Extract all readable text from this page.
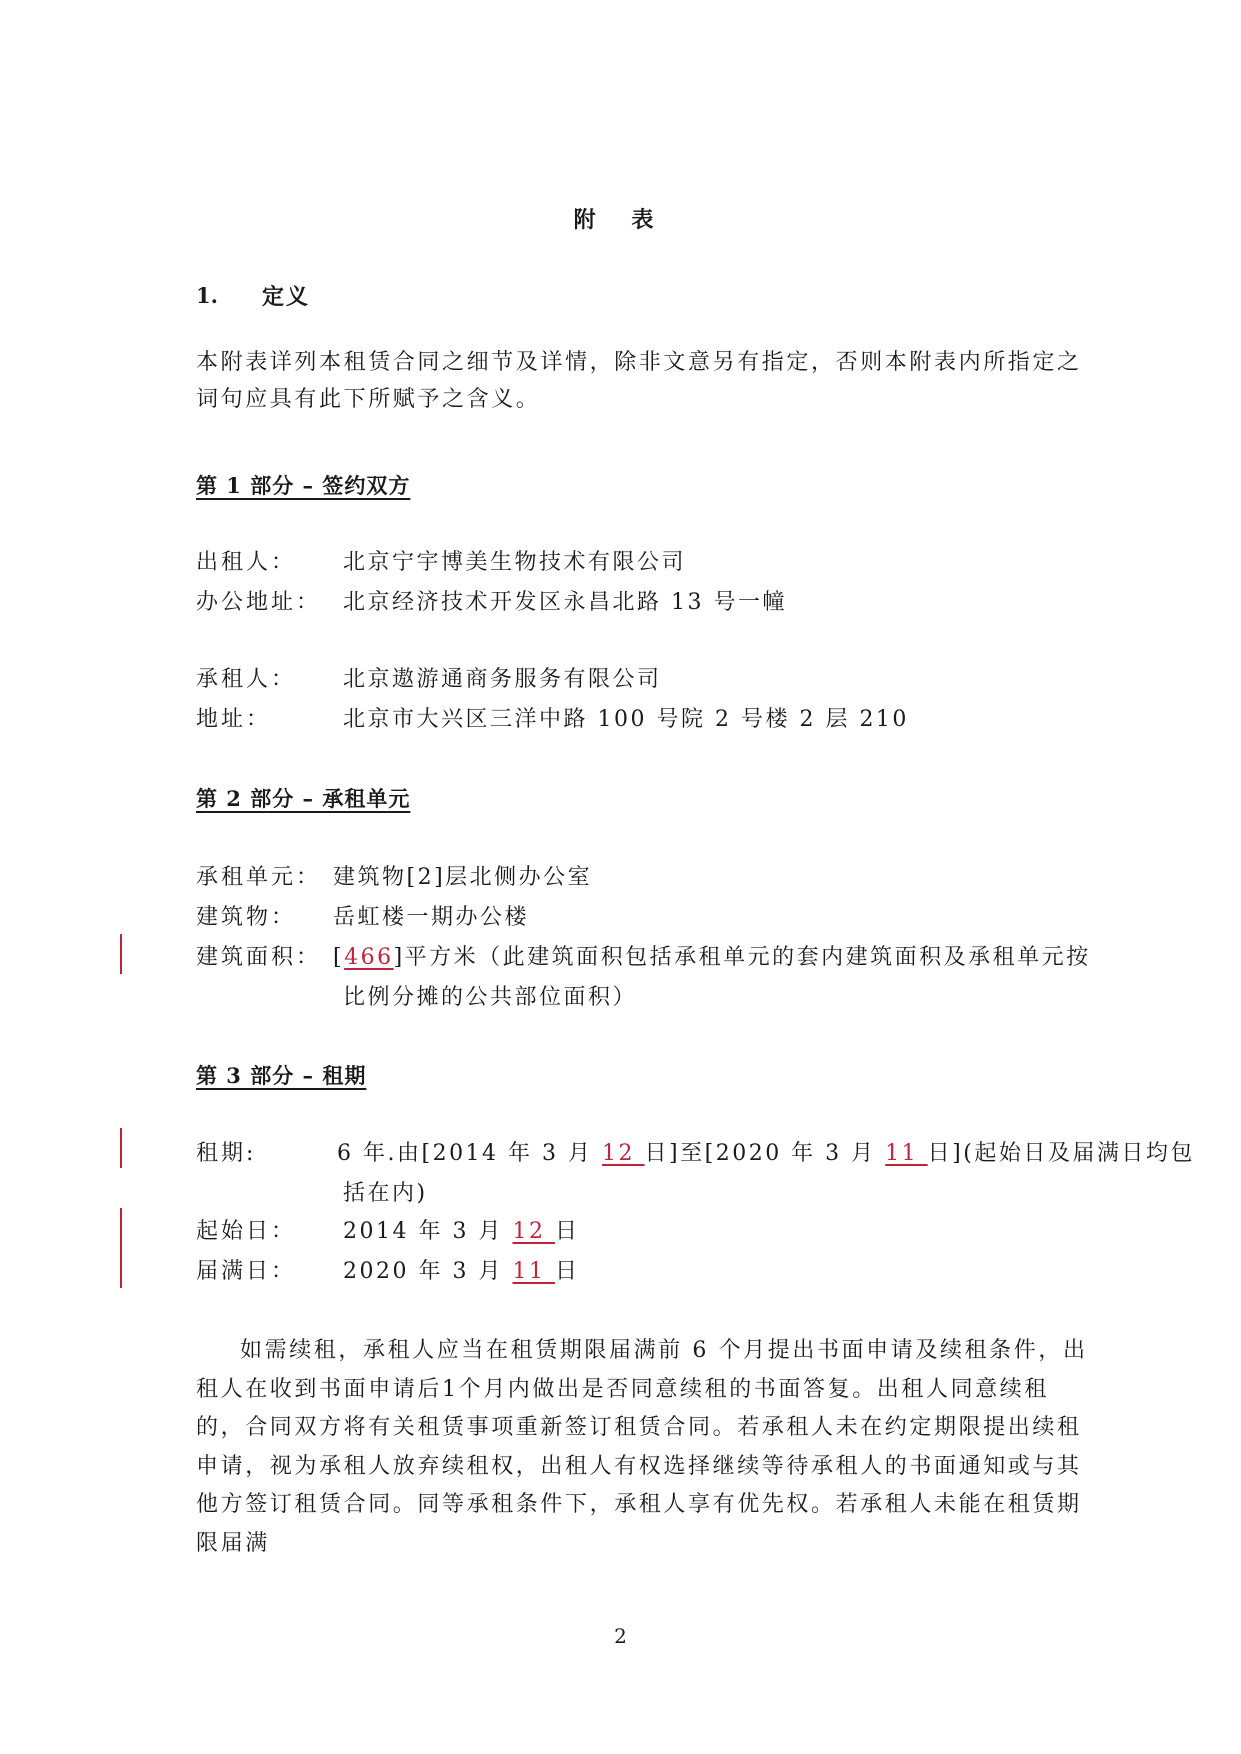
附 表
1. 定义
本附表详列本租赁合同之细节及详情，除非文意另有指定，否则本附表内所指定之词句应具有此下所赋予之含义。
第 1 部分 – 签约双方
出租人： 北京宁宇博美生物技术有限公司
办公地址： 北京经济技术开发区永昌北路 13 号一幢
承租人： 北京遨游通商务服务有限公司
地址：	北京市大兴区三洋中路 100 号院 2 号楼 2 层 210
第 2 部分 – 承租单元
承租单元： 建筑物[2]层北侧办公室
建筑物： 岳虹楼一期办公楼
建筑面积： [466]平方米（此建筑面积包括承租单元的套内建筑面积及承租单元按
比例分摊的公共部位面积）
第 3 部分 – 租期
租期:	6 年.由[2014 年 3 月 12 日]至[2020 年 3 月 11 日](起始日及届满日均包
括在内)
起始日： 2014 年 3 月 12 日
届满日： 2020 年 3 月 11 日
如需续租，承租人应当在租赁期限届满前 6 个月提出书面申请及续租条件，出租人在收到书面申请后1个月内做出是否同意续租的书面答复。出租人同意续租的，合同双方将有关租赁事项重新签订租赁合同。若承租人未在约定期限提出续租申请，视为承租人放弃续租权，出租人有权选择继续等待承租人的书面通知或与其他方签订租赁合同。同等承租条件下，承租人享有优先权。若承租人未能在租赁期限届满
2
